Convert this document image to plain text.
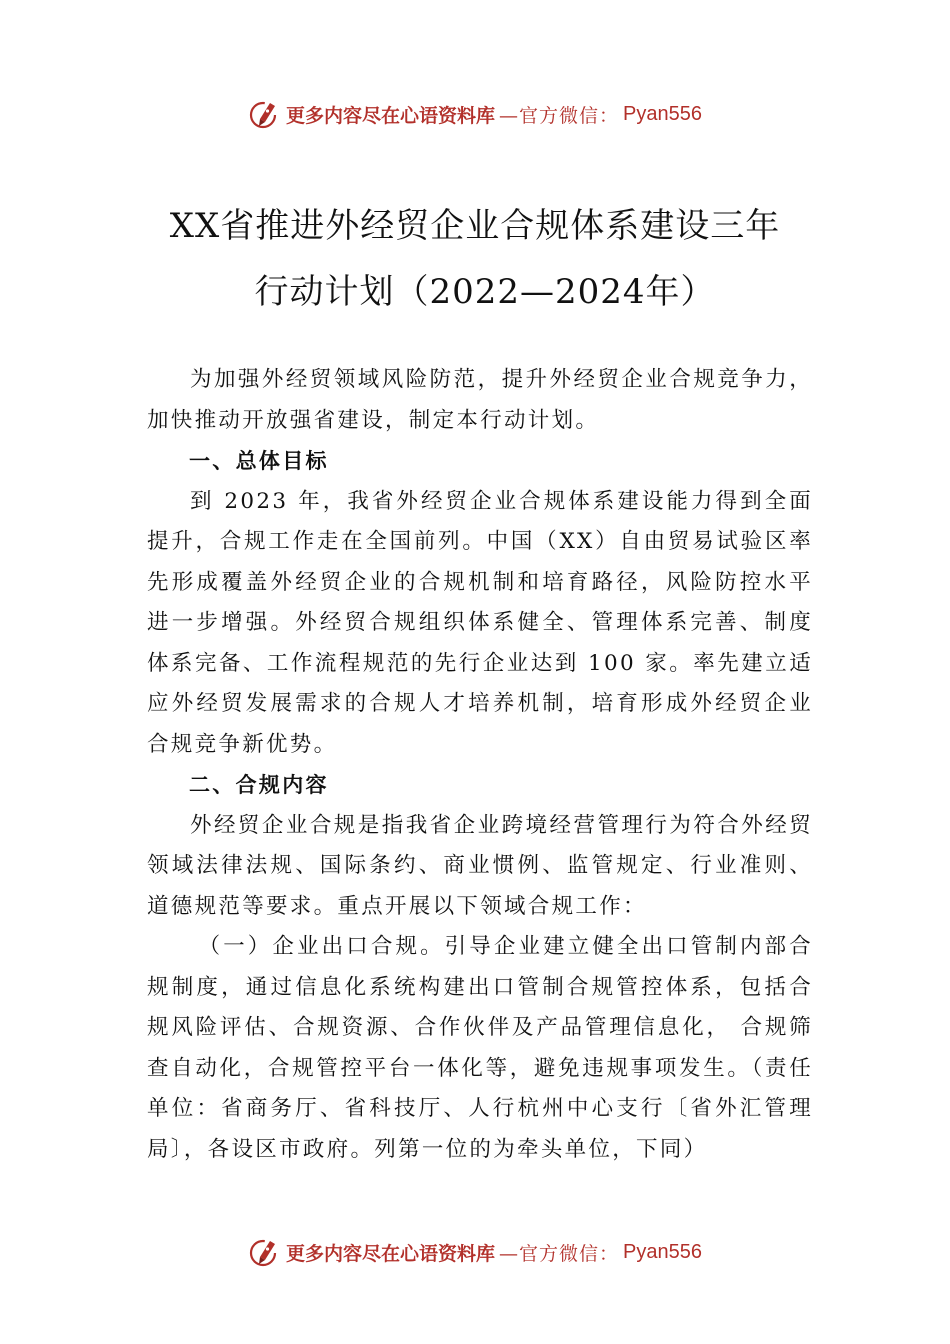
更多内容尽在心语资料库 —官方微信： Pyan556
XX省推进外经贸企业合规体系建设三年
行动计划（2022—2024年）

为加强外经贸领域风险防范，提升外经贸企业合规竞争力，加快推动开放强省建设，制定本行动计划。

一、总体目标

到 2023 年，我省外经贸企业合规体系建设能力得到全面提升，合规工作走在全国前列。中国（XX）自由贸易试验区率先形成覆盖外经贸企业的合规机制和培育路径，风险防控水平进一步增强。外经贸合规组织体系健全、管理体系完善、制度体系完备、工作流程规范的先行企业达到 100 家。率先建立适应外经贸发展需求的合规人才培养机制，培育形成外经贸企业合规竞争新优势。

二、合规内容

外经贸企业合规是指我省企业跨境经营管理行为符合外经贸领域法律法规、国际条约、商业惯例、监管规定、行业准则、道德规范等要求。重点开展以下领域合规工作：

（一）企业出口合规。引导企业建立健全出口管制内部合规制度，通过信息化系统构建出口管制合规管控体系，包括合规风险评估、合规资源、合作伙伴及产品管理信息化， 合规筛查自动化，合规管控平台一体化等，避免违规事项发生。（责任单位：省商务厅、省科技厅、人行杭州中心支行〔省外汇管理局〕，各设区市政府。列第一位的为牵头单位，下同）

更多内容尽在心语资料库 —官方微信： Pyan556
